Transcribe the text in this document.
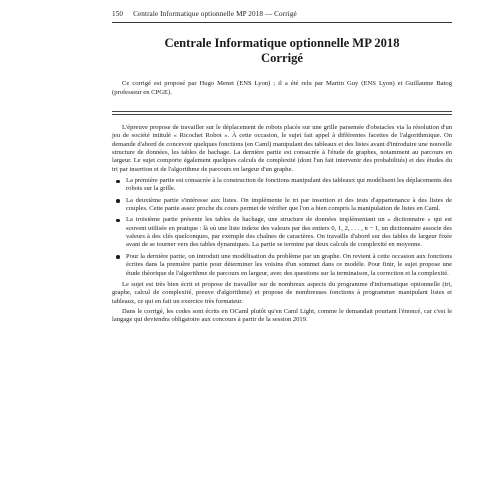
150 Centrale Informatique optionnelle MP 2018 — Corrigé
Centrale Informatique optionnelle MP 2018
Corrigé

Ce corrigé est proposé par Hugo Menet (ENS Lyon) ; il a été relu par Martin Guy (ENS Lyon) et Guillaume Batog (professeur en CPGE).

L'épreuve propose de travailler sur le déplacement de robots placés sur une grille parsemée d'obstacles via la résolution d'un jeu de société intitulé « Ricochet Robot ». À cette occasion, le sujet fait appel à différentes facettes de l'algorithmique. On demande d'abord de concevoir quelques fonctions (en Caml) manipulant des tableaux et des listes avant d'introduire une nouvelle structure de données, les tables de hachage. La dernière partie est consacrée à l'étude de graphes, notamment au parcours en largeur. Le sujet comporte également quelques calculs de complexité (dont l'un fait intervenir des probabilités) et des études du tri par insertion et de l'algorithme de parcours en largeur d'un graphe.

La première partie est consacrée à la construction de fonctions manipulant des tableaux qui modélisent les déplacements des robots sur la grille.
La deuxième partie s'intéresse aux listes. On implémente le tri par insertion et des tests d'appartenance à des listes de couples. Cette partie assez proche du cours permet de vérifier que l'on a bien compris la manipulation de listes en Caml.
La troisième partie présente les tables de hachage, une structure de données implémentant un « dictionnaire » qui est souvent utilisée en pratique : là où une liste indexe des valeurs par des entiers 0, 1, 2, . . . , n − 1, un dictionnaire associe des valeurs à des clés quelconques, par exemple des chaînes de caractères. On travaille d'abord sur des tables de largeur fixée avant de se tourner vers des tables dynamiques. La partie se termine par deux calculs de complexité en moyenne.
Pour la dernière partie, on introduit une modélisation du problème par un graphe. On revient à cette occasion aux fonctions écrites dans la première partie pour déterminer les voisins d'un sommet dans ce modèle. Pour finir, le sujet propose une étude théorique de l'algorithme de parcours en largeur, avec des questions sur la terminaison, la correction et la complexité.

Le sujet est très bien écrit et propose de travailler sur de nombreux aspects du programme d'informatique optionnelle (tri, graphe, calcul de complexité, preuve d'algorithme) et propose de nombreuses fonctions à programmer manipulant listes et tableaux, ce qui en fait un exercice très formateur.

Dans le corrigé, les codes sont écrits en OCaml plutôt qu'en Caml Light, comme le demandait pourtant l'énoncé, car c'est le langage qui deviendra obligatoire aux concours à partir de la session 2019.
